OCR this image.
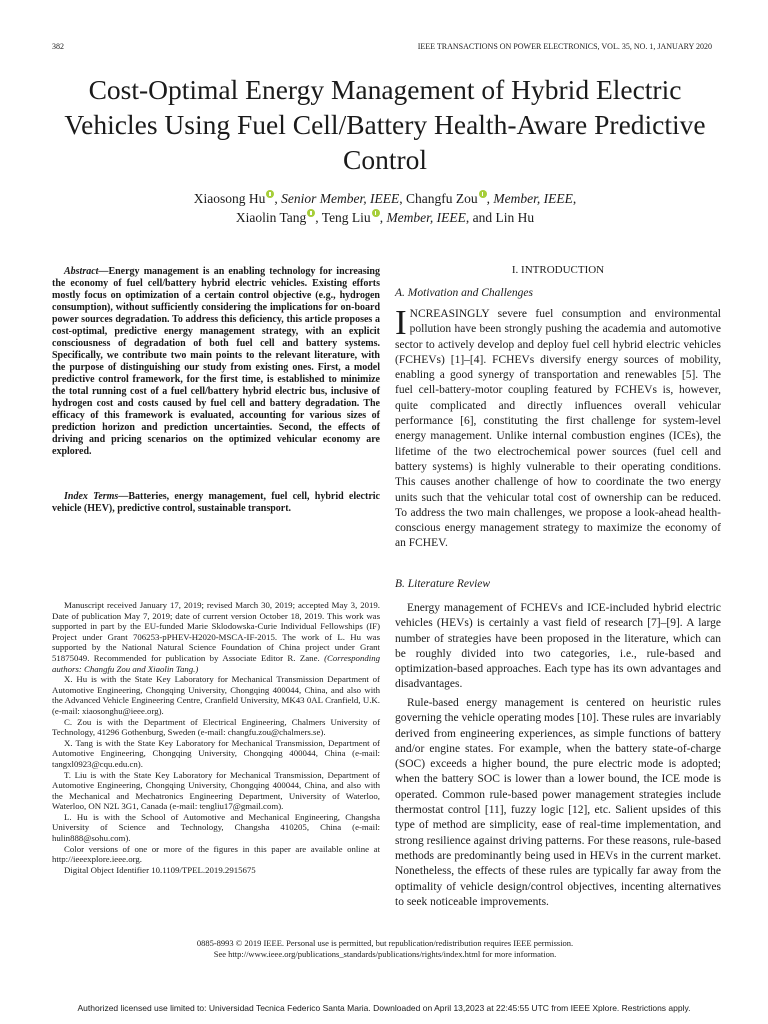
382	IEEE TRANSACTIONS ON POWER ELECTRONICS, VOL. 35, NO. 1, JANUARY 2020
Cost-Optimal Energy Management of Hybrid Electric Vehicles Using Fuel Cell/Battery Health-Aware Predictive Control
Xiaosong Hu , Senior Member, IEEE, Changfu Zou , Member, IEEE,
Xiaolin Tang , Teng Liu , Member, IEEE, and Lin Hu

Abstract—Energy management is an enabling technology for increasing the economy of fuel cell/battery hybrid electric vehicles. Existing efforts mostly focus on optimization of a certain control objective (e.g., hydrogen consumption), without sufficiently considering the implications for on-board power sources degradation. To address this deficiency, this article proposes a cost-optimal, predictive energy management strategy, with an explicit consciousness of degradation of both fuel cell and battery systems. Specifically, we contribute two main points to the relevant literature, with the purpose of distinguishing our study from existing ones. First, a model predictive control framework, for the first time, is established to minimize the total running cost of a fuel cell/battery hybrid electric bus, inclusive of hydrogen cost and costs caused by fuel cell and battery degradation. The efficacy of this framework is evaluated, accounting for various sizes of prediction horizon and prediction uncertainties. Second, the effects of driving and pricing scenarios on the optimized vehicular economy are explored.

Index Terms—Batteries, energy management, fuel cell, hybrid electric vehicle (HEV), predictive control, sustainable transport.

Manuscript received January 17, 2019; revised March 30, 2019; accepted May 3, 2019. Date of publication May 7, 2019; date of current version October 18, 2019. This work was supported in part by the EU-funded Marie Sklodowska-Curie Individual Fellowships (IF) Project under Grant 706253-pPHEV-H2020-MSCA-IF-2015. The work of L. Hu was supported by the National Natural Science Foundation of China project under Grant 51875049. Recommended for publication by Associate Editor R. Zane. (Corresponding authors: Changfu Zou and Xiaolin Tang.)

X. Hu is with the State Key Laboratory for Mechanical Transmission Department of Automotive Engineering, Chongqing University, Chongqing 400044, China, and also with the Advanced Vehicle Engineering Centre, Cranfield University, MK43 0AL Cranfield, U.K. (e-mail: xiaosonghu@ieee.org).

C. Zou is with the Department of Electrical Engineering, Chalmers University of Technology, 41296 Gothenburg, Sweden (e-mail: changfu.zou@chalmers.se).

X. Tang is with the State Key Laboratory for Mechanical Transmission, Department of Automotive Engineering, Chongqing University, Chongqing 400044, China (e-mail: tangxl0923@cqu.edu.cn).

T. Liu is with the State Key Laboratory for Mechanical Transmission, Department of Automotive Engineering, Chongqing University, Chongqing 400044, China, and also with the Mechanical and Mechatronics Engineering Department, University of Waterloo, Waterloo, ON N2L 3G1, Canada (e-mail: tengliu17@gmail.com).

L. Hu is with the School of Automotive and Mechanical Engineering, Changsha University of Science and Technology, Changsha 410205, China (e-mail: hulin888@sohu.com).

Color versions of one or more of the figures in this paper are available online at http://ieeexplore.ieee.org.

Digital Object Identifier 10.1109/TPEL.2019.2915675

I. INTRODUCTION
A. Motivation and Challenges

INCREASINGLY severe fuel consumption and environmental pollution have been strongly pushing the academia and automotive sector to actively develop and deploy fuel cell hybrid electric vehicles (FCHEVs) [1]–[4]. FCHEVs diversify energy sources of mobility, enabling a good synergy of transportation and renewables [5]. The fuel cell-battery-motor coupling featured by FCHEVs is, however, quite complicated and directly influences overall vehicular performance [6], constituting the first challenge for system-level energy management. Unlike internal combustion engines (ICEs), the lifetime of the two electrochemical power sources (fuel cell and battery systems) is highly vulnerable to their operating conditions. This causes another challenge of how to coordinate the two energy units such that the vehicular total cost of ownership can be reduced. To address the two main challenges, we propose a look-ahead health-conscious energy management strategy to maximize the economy of an FCHEV.

B. Literature Review

Energy management of FCHEVs and ICE-included hybrid electric vehicles (HEVs) is certainly a vast field of research [7]–[9]. A large number of strategies have been proposed in the literature, which can be roughly divided into two categories, i.e., rule-based and optimization-based approaches. Each type has its own advantages and disadvantages.

Rule-based energy management is centered on heuristic rules governing the vehicle operating modes [10]. These rules are invariably derived from engineering experiences, as simple functions of battery and/or engine states. For example, when the battery state-of-charge (SOC) exceeds a higher bound, the pure electric mode is adopted; when the battery SOC is lower than a lower bound, the ICE mode is operated. Common rule-based power management strategies include thermostat control [11], fuzzy logic [12], etc. Salient upsides of this type of method are simplicity, ease of real-time implementation, and strong resilience against driving patterns. For these reasons, rule-based methods are predominantly being used in HEVs in the current market. Nonetheless, the effects of these rules are typically far away from the optimality of vehicle design/control objectives, incenting alternatives to seek noticeable improvements.

0885-8993 © 2019 IEEE. Personal use is permitted, but republication/redistribution requires IEEE permission.
See http://www.ieee.org/publications_standards/publications/rights/index.html for more information.
Authorized licensed use limited to: Universidad Tecnica Federico Santa Maria. Downloaded on April 13,2023 at 22:45:55 UTC from IEEE Xplore. Restrictions apply.
